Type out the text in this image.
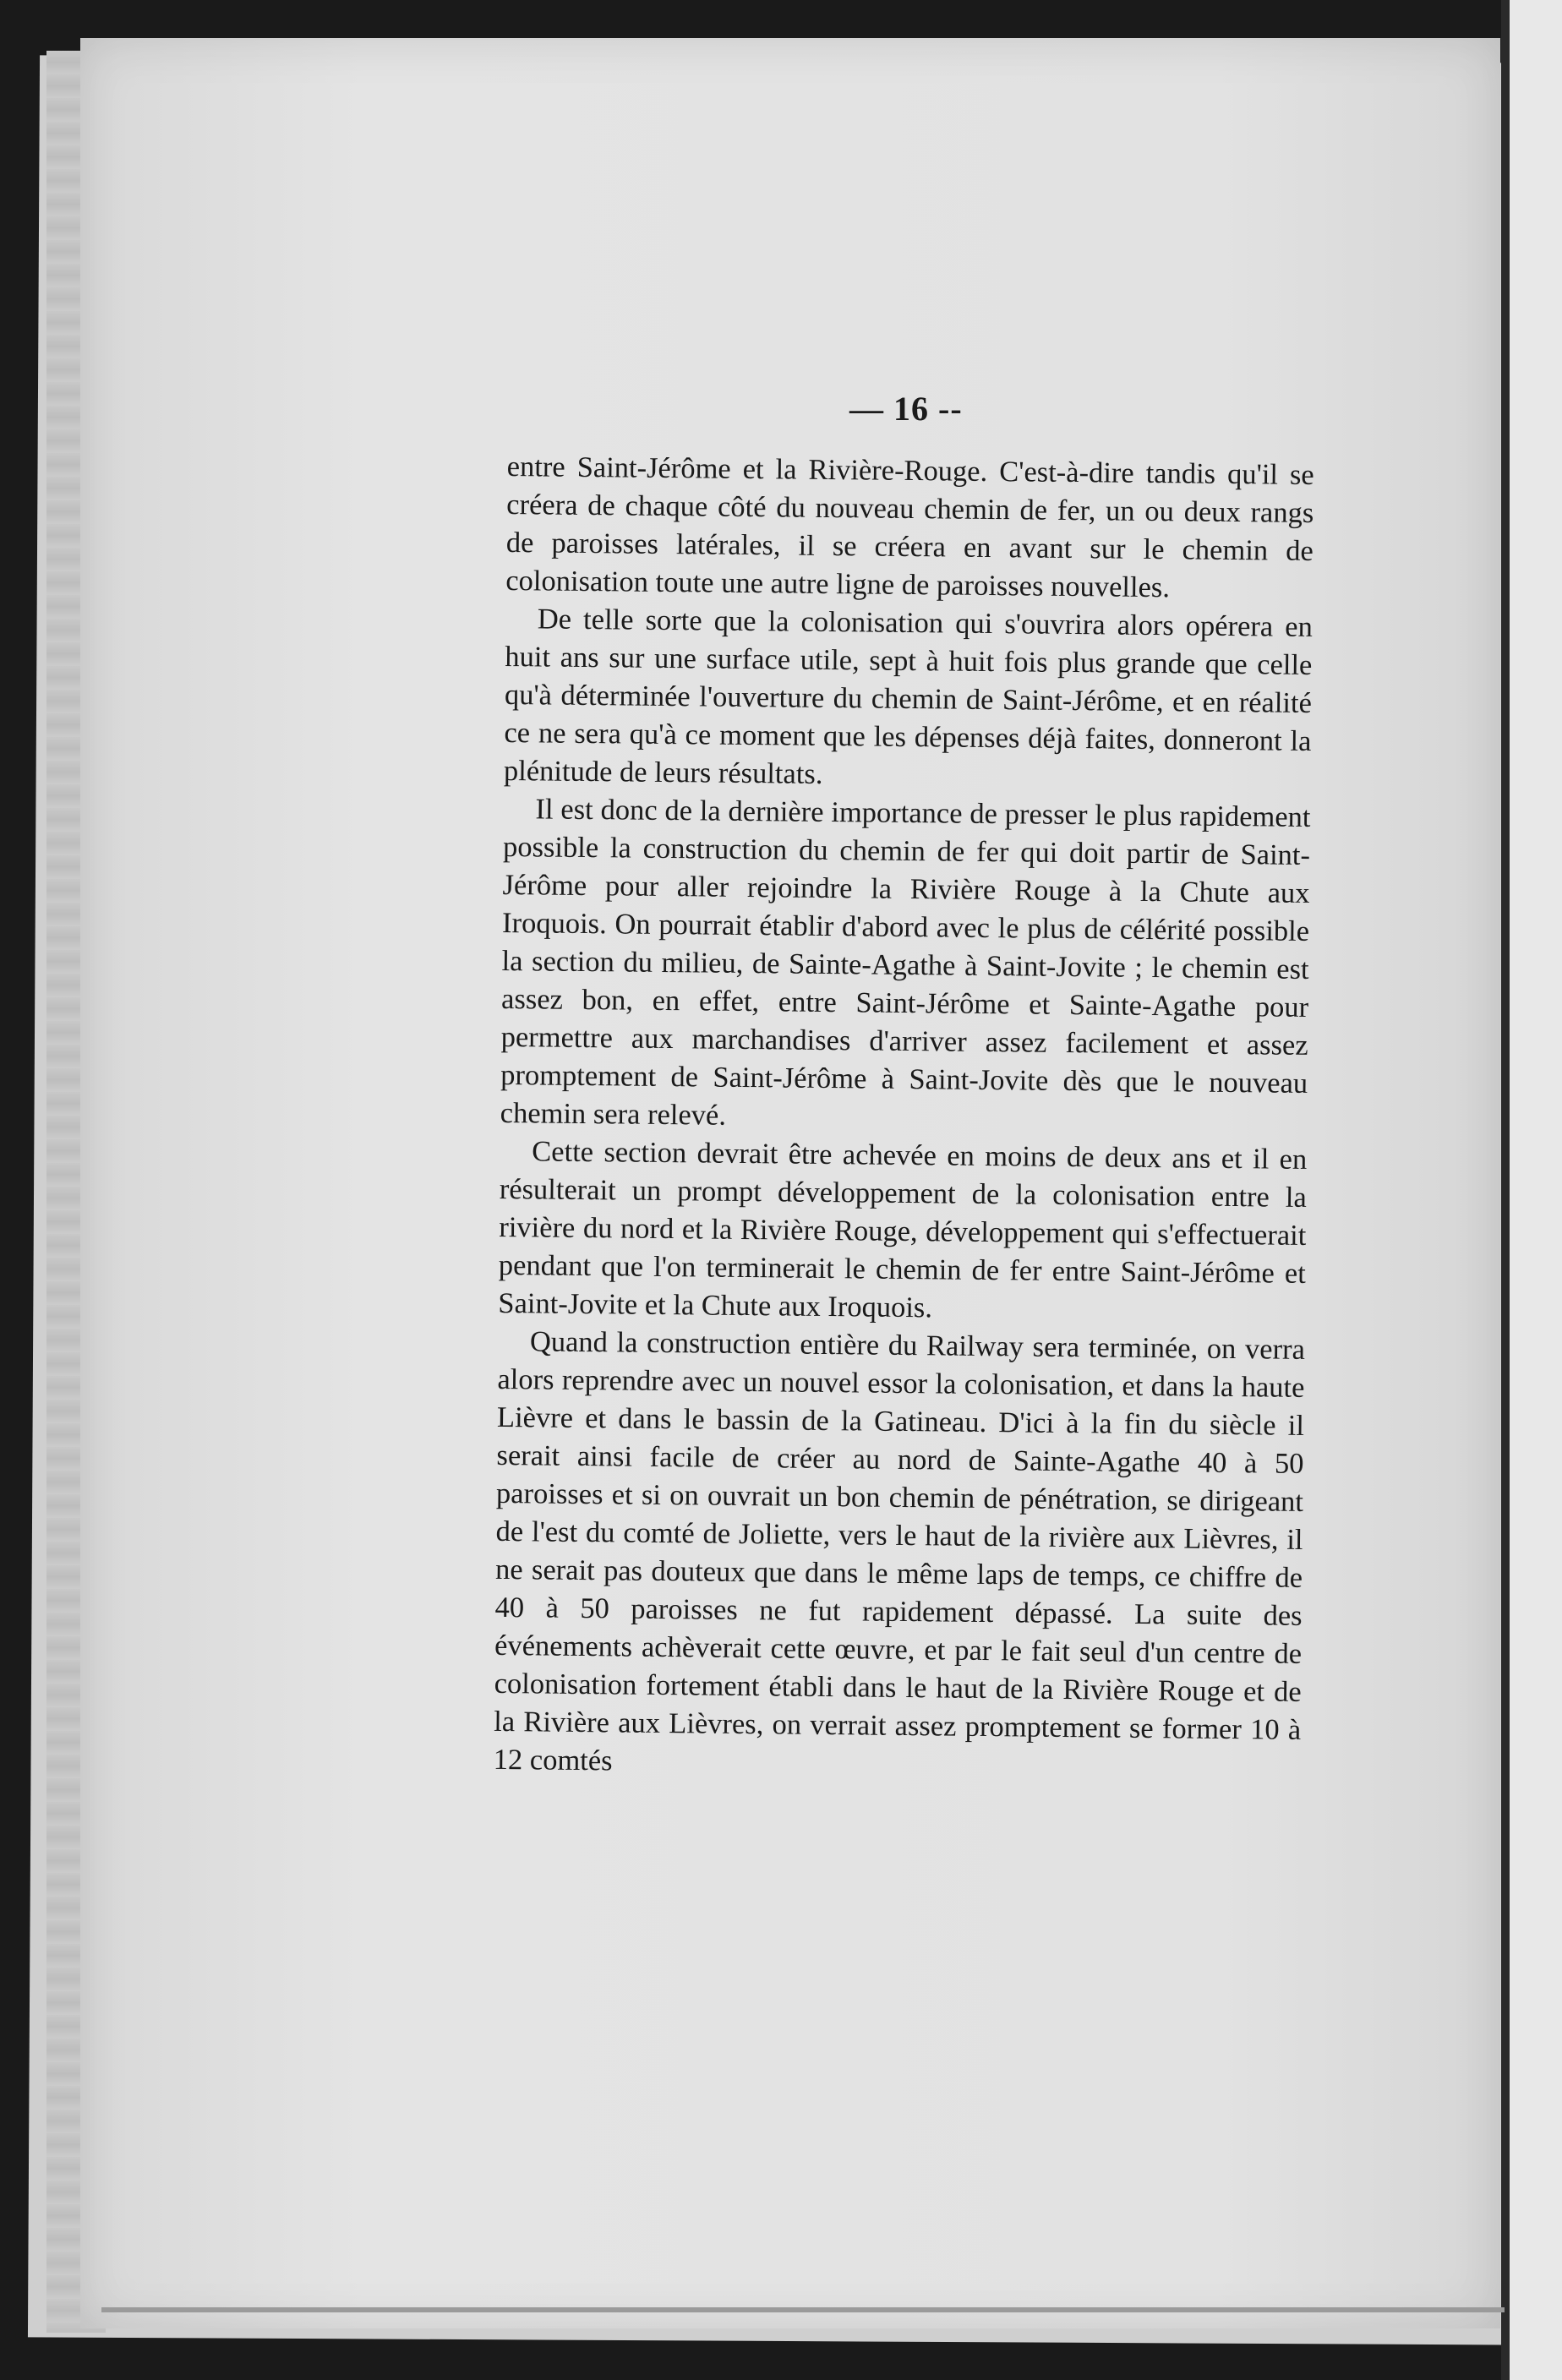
— 16 --

entre Saint-Jérôme et la Rivière-Rouge. C'est-à-dire tandis qu'il se créera de chaque côté du nouveau chemin de fer, un ou deux rangs de paroisses latérales, il se créera en avant sur le chemin de colonisation toute une autre ligne de paroisses nouvelles.

De telle sorte que la colonisation qui s'ouvrira alors opérera en huit ans sur une surface utile, sept à huit fois plus grande que celle qu'à déterminée l'ouverture du chemin de Saint-Jérôme, et en réalité ce ne sera qu'à ce moment que les dépenses déjà faites, donneront la plénitude de leurs résultats.

Il est donc de la dernière importance de presser le plus rapidement possible la construction du chemin de fer qui doit partir de Saint-Jérôme pour aller rejoindre la Rivière Rouge à la Chute aux Iroquois. On pourrait établir d'abord avec le plus de célérité possible la section du milieu, de Sainte-Agathe à Saint-Jovite ; le chemin est assez bon, en effet, entre Saint-Jérôme et Sainte-Agathe pour permettre aux marchandises d'arriver assez facilement et assez promptement de Saint-Jérôme à Saint-Jovite dès que le nouveau chemin sera relevé.

Cette section devrait être achevée en moins de deux ans et il en résulterait un prompt développement de la colonisation entre la rivière du nord et la Rivière Rouge, développement qui s'effectuerait pendant que l'on terminerait le chemin de fer entre Saint-Jérôme et Saint-Jovite et la Chute aux Iroquois.

Quand la construction entière du Railway sera terminée, on verra alors reprendre avec un nouvel essor la colonisation, et dans la haute Lièvre et dans le bassin de la Gatineau. D'ici à la fin du siècle il serait ainsi facile de créer au nord de Sainte-Agathe 40 à 50 paroisses et si on ouvrait un bon chemin de pénétration, se dirigeant de l'est du comté de Joliette, vers le haut de la rivière aux Lièvres, il ne serait pas douteux que dans le même laps de temps, ce chiffre de 40 à 50 paroisses ne fut rapidement dépassé. La suite des événements achèverait cette œuvre, et par le fait seul d'un centre de colonisation fortement établi dans le haut de la Rivière Rouge et de la Rivière aux Lièvres, on verrait assez promptement se former 10 à 12 comtés
